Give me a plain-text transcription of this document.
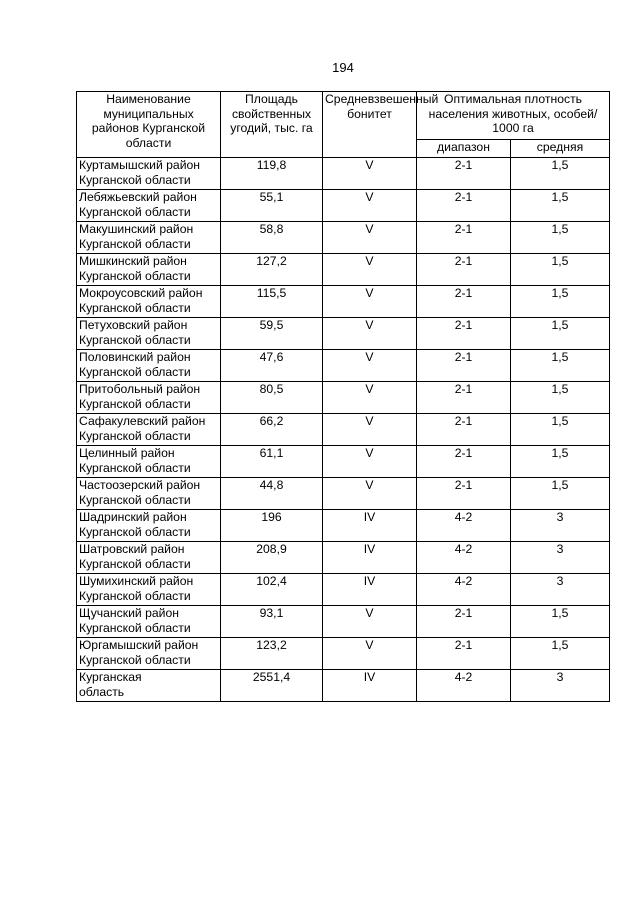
194
Наименование муниципальных районов Курганской области	Площадь свойственных угодий, тыс. га	Средневзвешенный бонитет	Оптимальная плотность населения животных, особей/ 1000 га	
			диапазон	средняя

Куртамышский район
Курганской области	119,8	V	2-1	1,5

Лебяжьевский район
Курганской области	55,1	V	2-1	1,5

Макушинский район
Курганской области	58,8	V	2-1	1,5

Мишкинский район
Курганской области	127,2	V	2-1	1,5

Мокроусовский район
Курганской области	115,5	V	2-1	1,5

Петуховский район
Курганской области	59,5	V	2-1	1,5

Половинский район
Курганской области	47,6	V	2-1	1,5

Притобольный район
Курганской области	80,5	V	2-1	1,5

Сафакулевский район
Курганской области	66,2	V	2-1	1,5

Целинный район
Курганской области	61,1	V	2-1	1,5

Частоозерский район
Курганской области	44,8	V	2-1	1,5

Шадринский район
Курганской области	196	IV	4-2	3

Шатровский район
Курганской области	208,9	IV	4-2	3

Шумихинский район
Курганской области	102,4	IV	4-2	3

Щучанский район
Курганской области	93,1	V	2-1	1,5

Юргамышский район
Курганской области	123,2	V	2-1	1,5

Курганская
область	2551,4	IV	4-2	3
